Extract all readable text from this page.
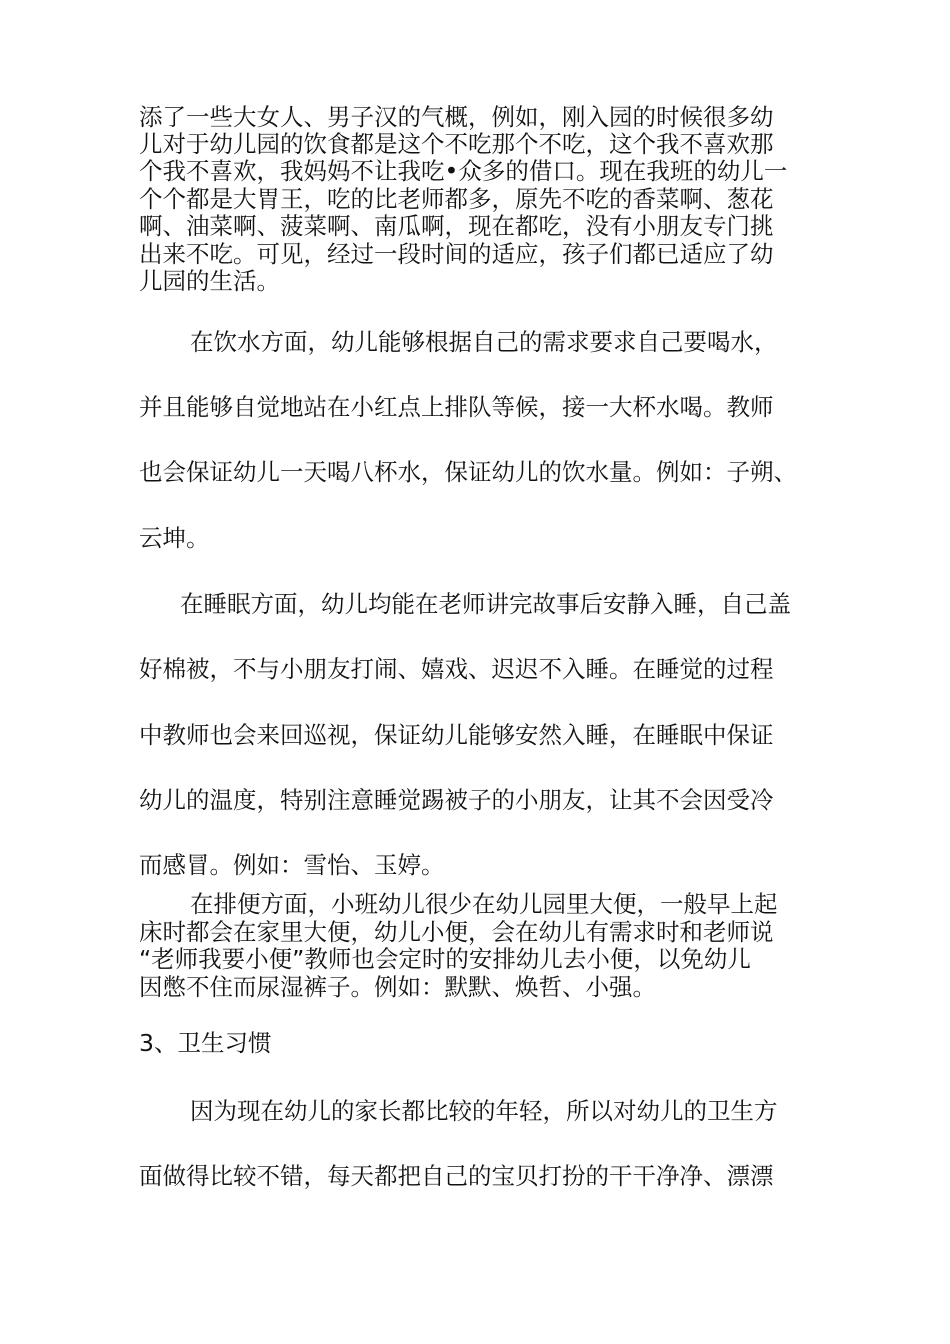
添了一些大女人、男子汉的气概，例如，刚入园的时候很多幼
儿对于幼儿园的饮食都是这个不吃那个不吃，这个我不喜欢那
个我不喜欢，我妈妈不让我吃•众多的借口。现在我班的幼儿一
个个都是大胃王，吃的比老师都多，原先不吃的香菜啊、葱花
啊、油菜啊、菠菜啊、南瓜啊，现在都吃，没有小朋友专门挑
出来不吃。可见，经过一段时间的适应，孩子们都已适应了幼
儿园的生活。
在饮水方面，幼儿能够根据自己的需求要求自己要喝水，
并且能够自觉地站在小红点上排队等候，接一大杯水喝。教师
也会保证幼儿一天喝八杯水，保证幼儿的饮水量。例如：子朔、
云坤。
在睡眠方面，幼儿均能在老师讲完故事后安静入睡，自己盖
好棉被，不与小朋友打闹、嬉戏、迟迟不入睡。在睡觉的过程
中教师也会来回巡视，保证幼儿能够安然入睡，在睡眠中保证
幼儿的温度，特别注意睡觉踢被子的小朋友，让其不会因受冷
而感冒。例如：雪怡、玉婷。
在排便方面，小班幼儿很少在幼儿园里大便，一般早上起
床时都会在家里大便，幼儿小便，会在幼儿有需求时和老师说
“老师我要小便”教师也会定时的安排幼儿去小便，以免幼儿
因憋不住而尿湿裤子。例如：默默、焕哲、小强。
3、卫生习惯
因为现在幼儿的家长都比较的年轻，所以对幼儿的卫生方
面做得比较不错，每天都把自己的宝贝打扮的干干净净、漂漂
